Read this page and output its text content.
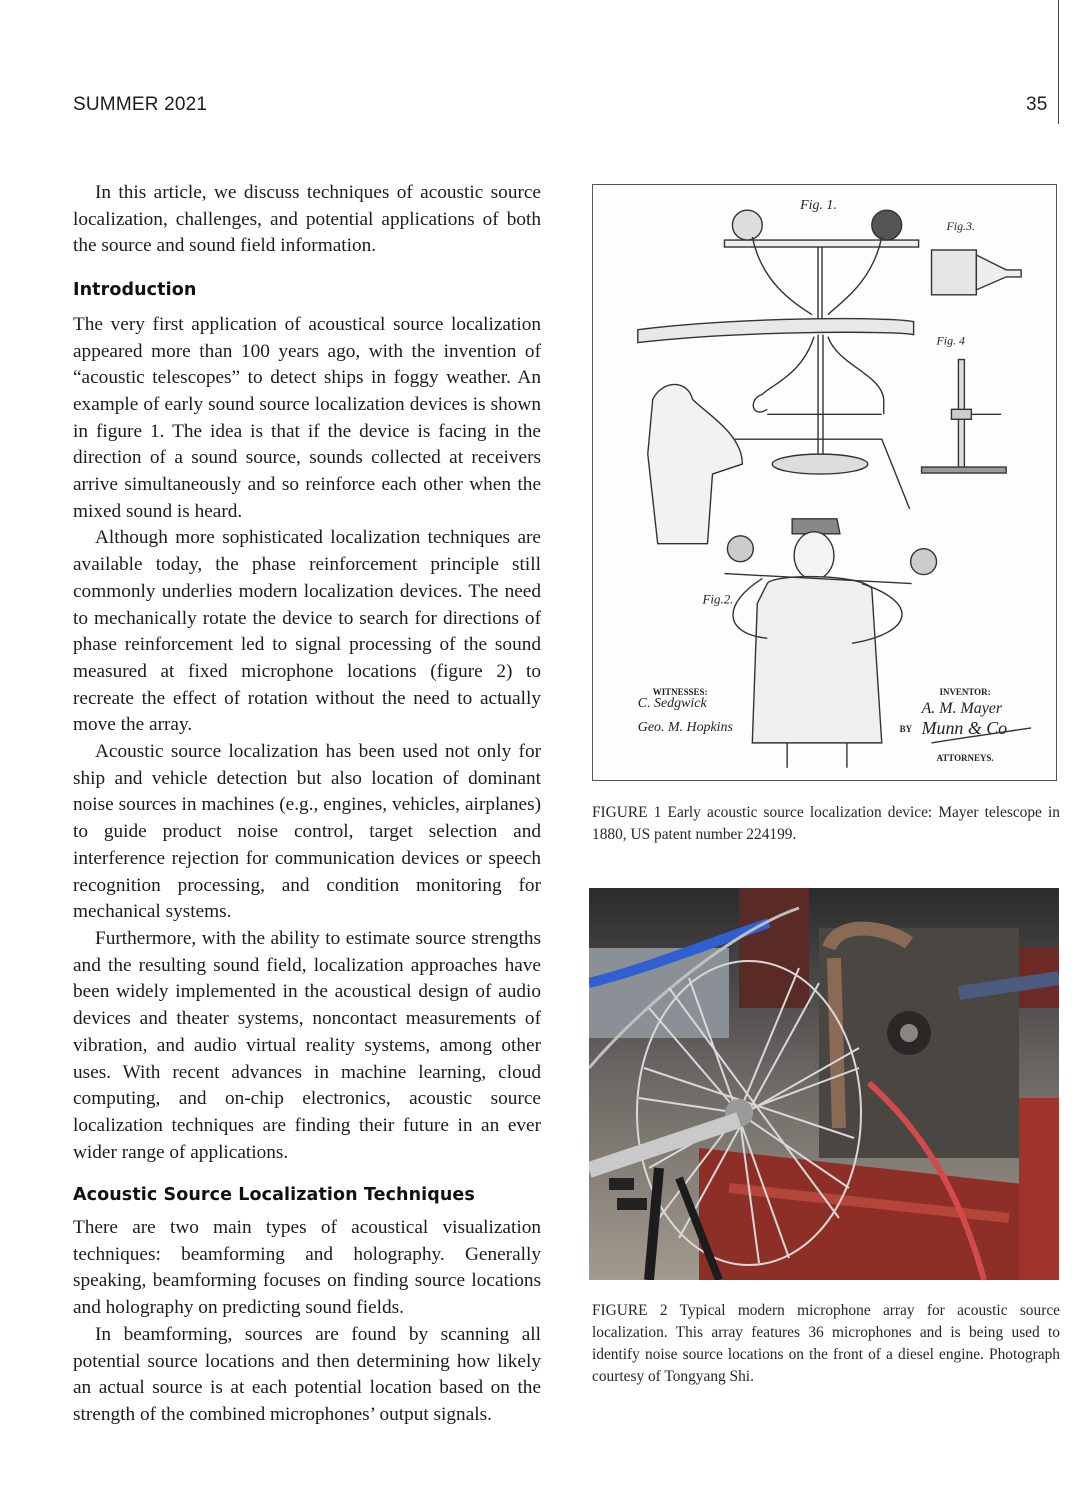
SUMMER 2021	35

In this article, we discuss techniques of acoustic source localization, challenges, and potential applications of both the source and sound field information.

Introduction

The very first application of acoustical source localization appeared more than 100 years ago, with the invention of “acoustic telescopes” to detect ships in foggy weather. An example of early sound source localization devices is shown in figure 1. The idea is that if the device is facing in the direction of a sound source, sounds collected at receivers arrive simultaneously and so reinforce each other when the mixed sound is heard.

Although more sophisticated localization techniques are available today, the phase reinforcement principle still commonly underlies modern localization devices. The need to mechanically rotate the device to search for directions of phase reinforcement led to signal processing of the sound measured at fixed microphone locations (figure 2) to recreate the effect of rotation without the need to actually move the array.

Acoustic source localization has been used not only for ship and vehicle detection but also location of dominant noise sources in machines (e.g., engines, vehicles, airplanes) to guide product noise control, target selection and interference rejection for communication devices or speech recognition processing, and condition monitoring for mechanical systems.

Furthermore, with the ability to estimate source strengths and the resulting sound field, localization approaches have been widely implemented in the acoustical design of audio devices and theater systems, noncontact measurements of vibration, and audio virtual reality systems, among other uses. With recent advances in machine learning, cloud computing, and on-chip electronics, acoustic source localization techniques are finding their future in an ever wider range of applications.

Acoustic Source Localization Techniques

There are two main types of acoustical visualization techniques: beamforming and holography. Generally speaking, beamforming focuses on finding source locations and holography on predicting sound fields.

In beamforming, sources are found by scanning all potential source locations and then determining how likely an actual source is at each potential location based on the strength of the combined microphones’ output signals.

Fig. 1.
Fig.3.
Fig. 4
Fig.2.
WITNESSES:	INVENTOR:
BY
ATTORNEYS.
C. Sedgwick
Geo. M. Hopkins
A. M. Mayer
Munn & Co
FIGURE 1 Early acoustic source localization device: Mayer telescope in 1880, US patent number 224199.
FIGURE 2 Typical modern microphone array for acoustic source localization. This array features 36 microphones and is being used to identify noise source locations on the front of a diesel engine. Photograph courtesy of Tongyang Shi.
